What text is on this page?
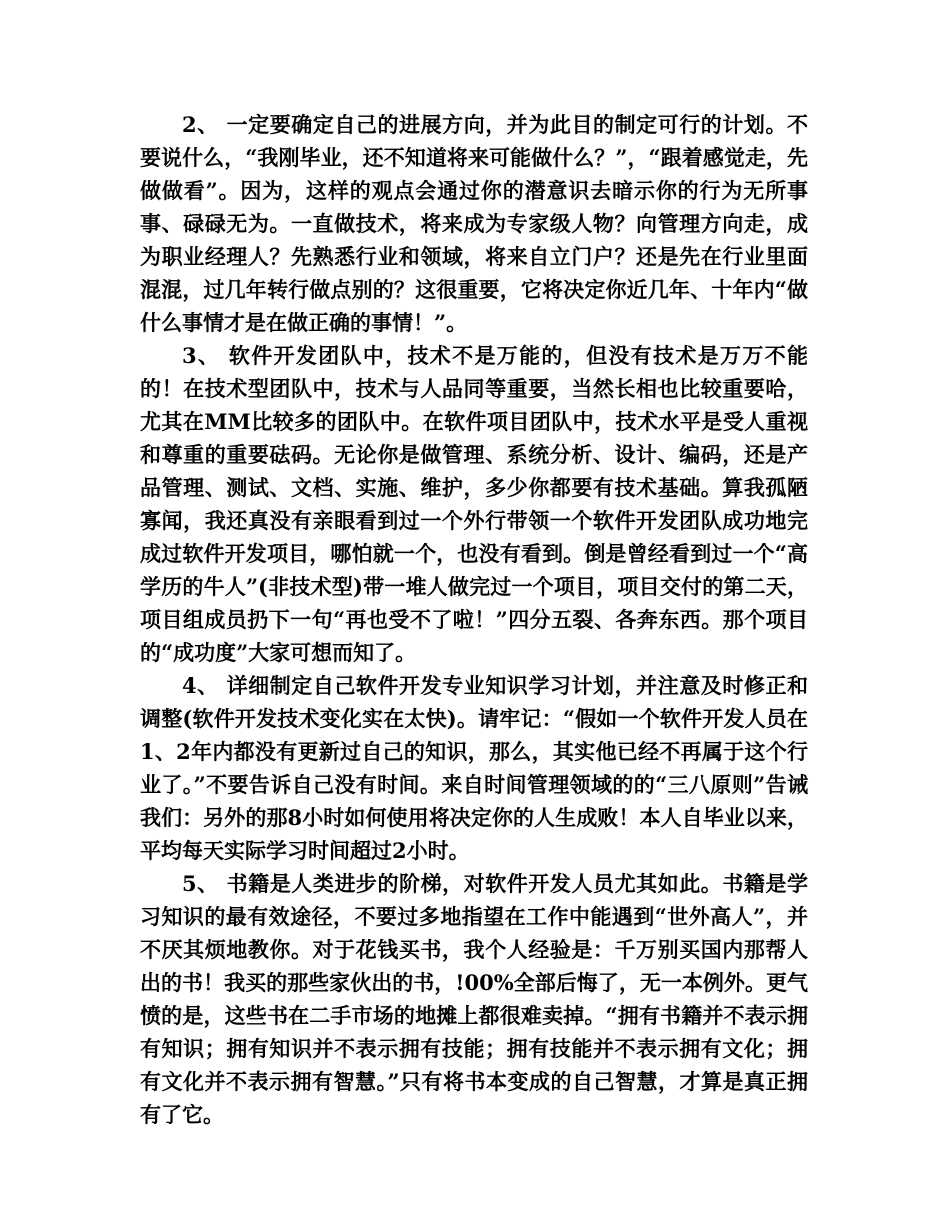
2、 一定要确定自己的进展方向，并为此目的制定可行的计划。不要说什么，“我刚毕业，还不知道将来可能做什么？”，“跟着感觉走，先做做看”。因为，这样的观点会通过你的潜意识去暗示你的行为无所事事、碌碌无为。一直做技术，将来成为专家级人物？向管理方向走，成为职业经理人？先熟悉行业和领域，将来自立门户？还是先在行业里面混混，过几年转行做点别的？这很重要，它将决定你近几年、十年内“做什么事情才是在做正确的事情！”。

3、 软件开发团队中，技术不是万能的，但没有技术是万万不能的！在技术型团队中，技术与人品同等重要，当然长相也比较重要哈，尤其在MM比较多的团队中。在软件项目团队中，技术水平是受人重视和尊重的重要砝码。无论你是做管理、系统分析、设计、编码，还是产品管理、测试、文档、实施、维护，多少你都要有技术基础。算我孤陋寡闻，我还真没有亲眼看到过一个外行带领一个软件开发团队成功地完成过软件开发项目，哪怕就一个，也没有看到。倒是曾经看到过一个“高学历的牛人”(非技术型)带一堆人做完过一个项目，项目交付的第二天，项目组成员扔下一句“再也受不了啦！”四分五裂、各奔东西。那个项目的“成功度”大家可想而知了。

4、 详细制定自己软件开发专业知识学习计划，并注意及时修正和调整(软件开发技术变化实在太快)。请牢记：“假如一个软件开发人员在1、2年内都没有更新过自己的知识，那么，其实他已经不再属于这个行业了。”不要告诉自己没有时间。来自时间管理领域的的“三八原则”告诫我们：另外的那8小时如何使用将决定你的人生成败！本人自毕业以来，平均每天实际学习时间超过2小时。

5、 书籍是人类进步的阶梯，对软件开发人员尤其如此。书籍是学习知识的最有效途径，不要过多地指望在工作中能遇到“世外高人”，并不厌其烦地教你。对于花钱买书，我个人经验是：千万别买国内那帮人出的书！我买的那些家伙出的书，!00%全部后悔了，无一本例外。更气愤的是，这些书在二手市场的地摊上都很难卖掉。“拥有书籍并不表示拥有知识；拥有知识并不表示拥有技能；拥有技能并不表示拥有文化；拥有文化并不表示拥有智慧。”只有将书本变成的自己智慧，才算是真正拥有了它。
